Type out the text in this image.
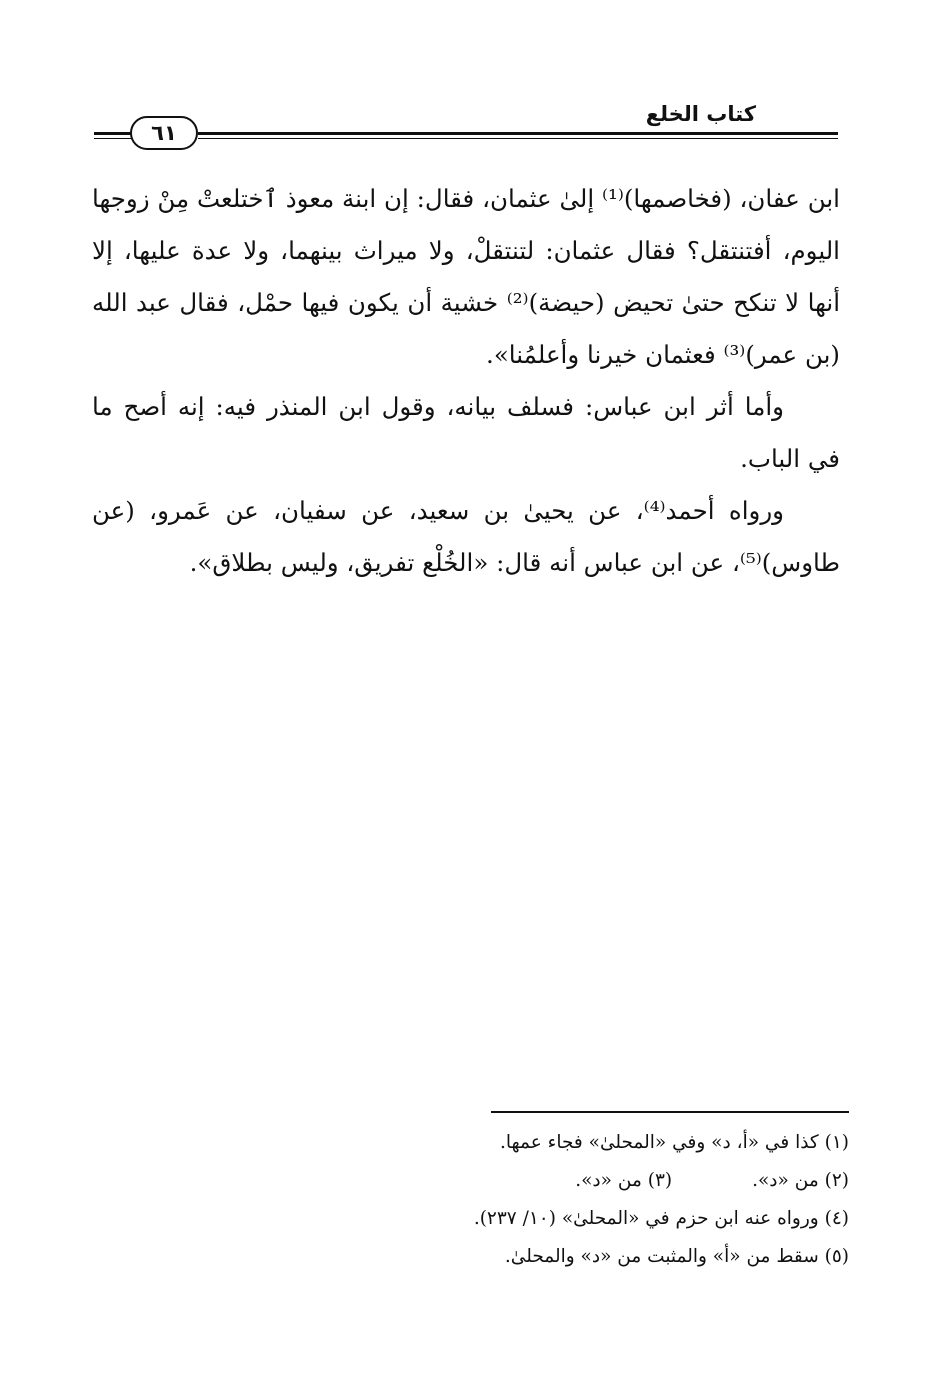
كتاب الخلع
٦١

ابن عفان، (فخاصمها)⁽¹⁾ إلىٰ عثمان، فقال: إن ابنة معوذ ٱختلعتْ مِنْ زوجها اليوم، أفتنتقل؟ فقال عثمان: لتنتقلْ، ولا ميراث بينهما، ولا عدة عليها، إلا أنها لا تنكح حتىٰ تحيض (حيضة)⁽²⁾ خشية أن يكون فيها حمْل، فقال عبد الله (بن عمر)⁽³⁾ فعثمان خيرنا وأعلمُنا».

وأما أثر ابن عباس: فسلف بيانه، وقول ابن المنذر فيه: إنه أصح ما في الباب.

ورواه أحمد⁽⁴⁾، عن يحيىٰ بن سعيد، عن سفيان، عن عَمرو، (عن طاوس)⁽⁵⁾، عن ابن عباس أنه قال: «الخُلْع تفريق، وليس بطلاق».

(١) كذا في «أ، د» وفي «المحلىٰ» فجاء عمها.

(٢) من «د».(٣) من «د».

(٤) ورواه عنه ابن حزم في «المحلىٰ» (١٠/ ٢٣٧).

(٥) سقط من «أ» والمثبت من «د» والمحلىٰ.
